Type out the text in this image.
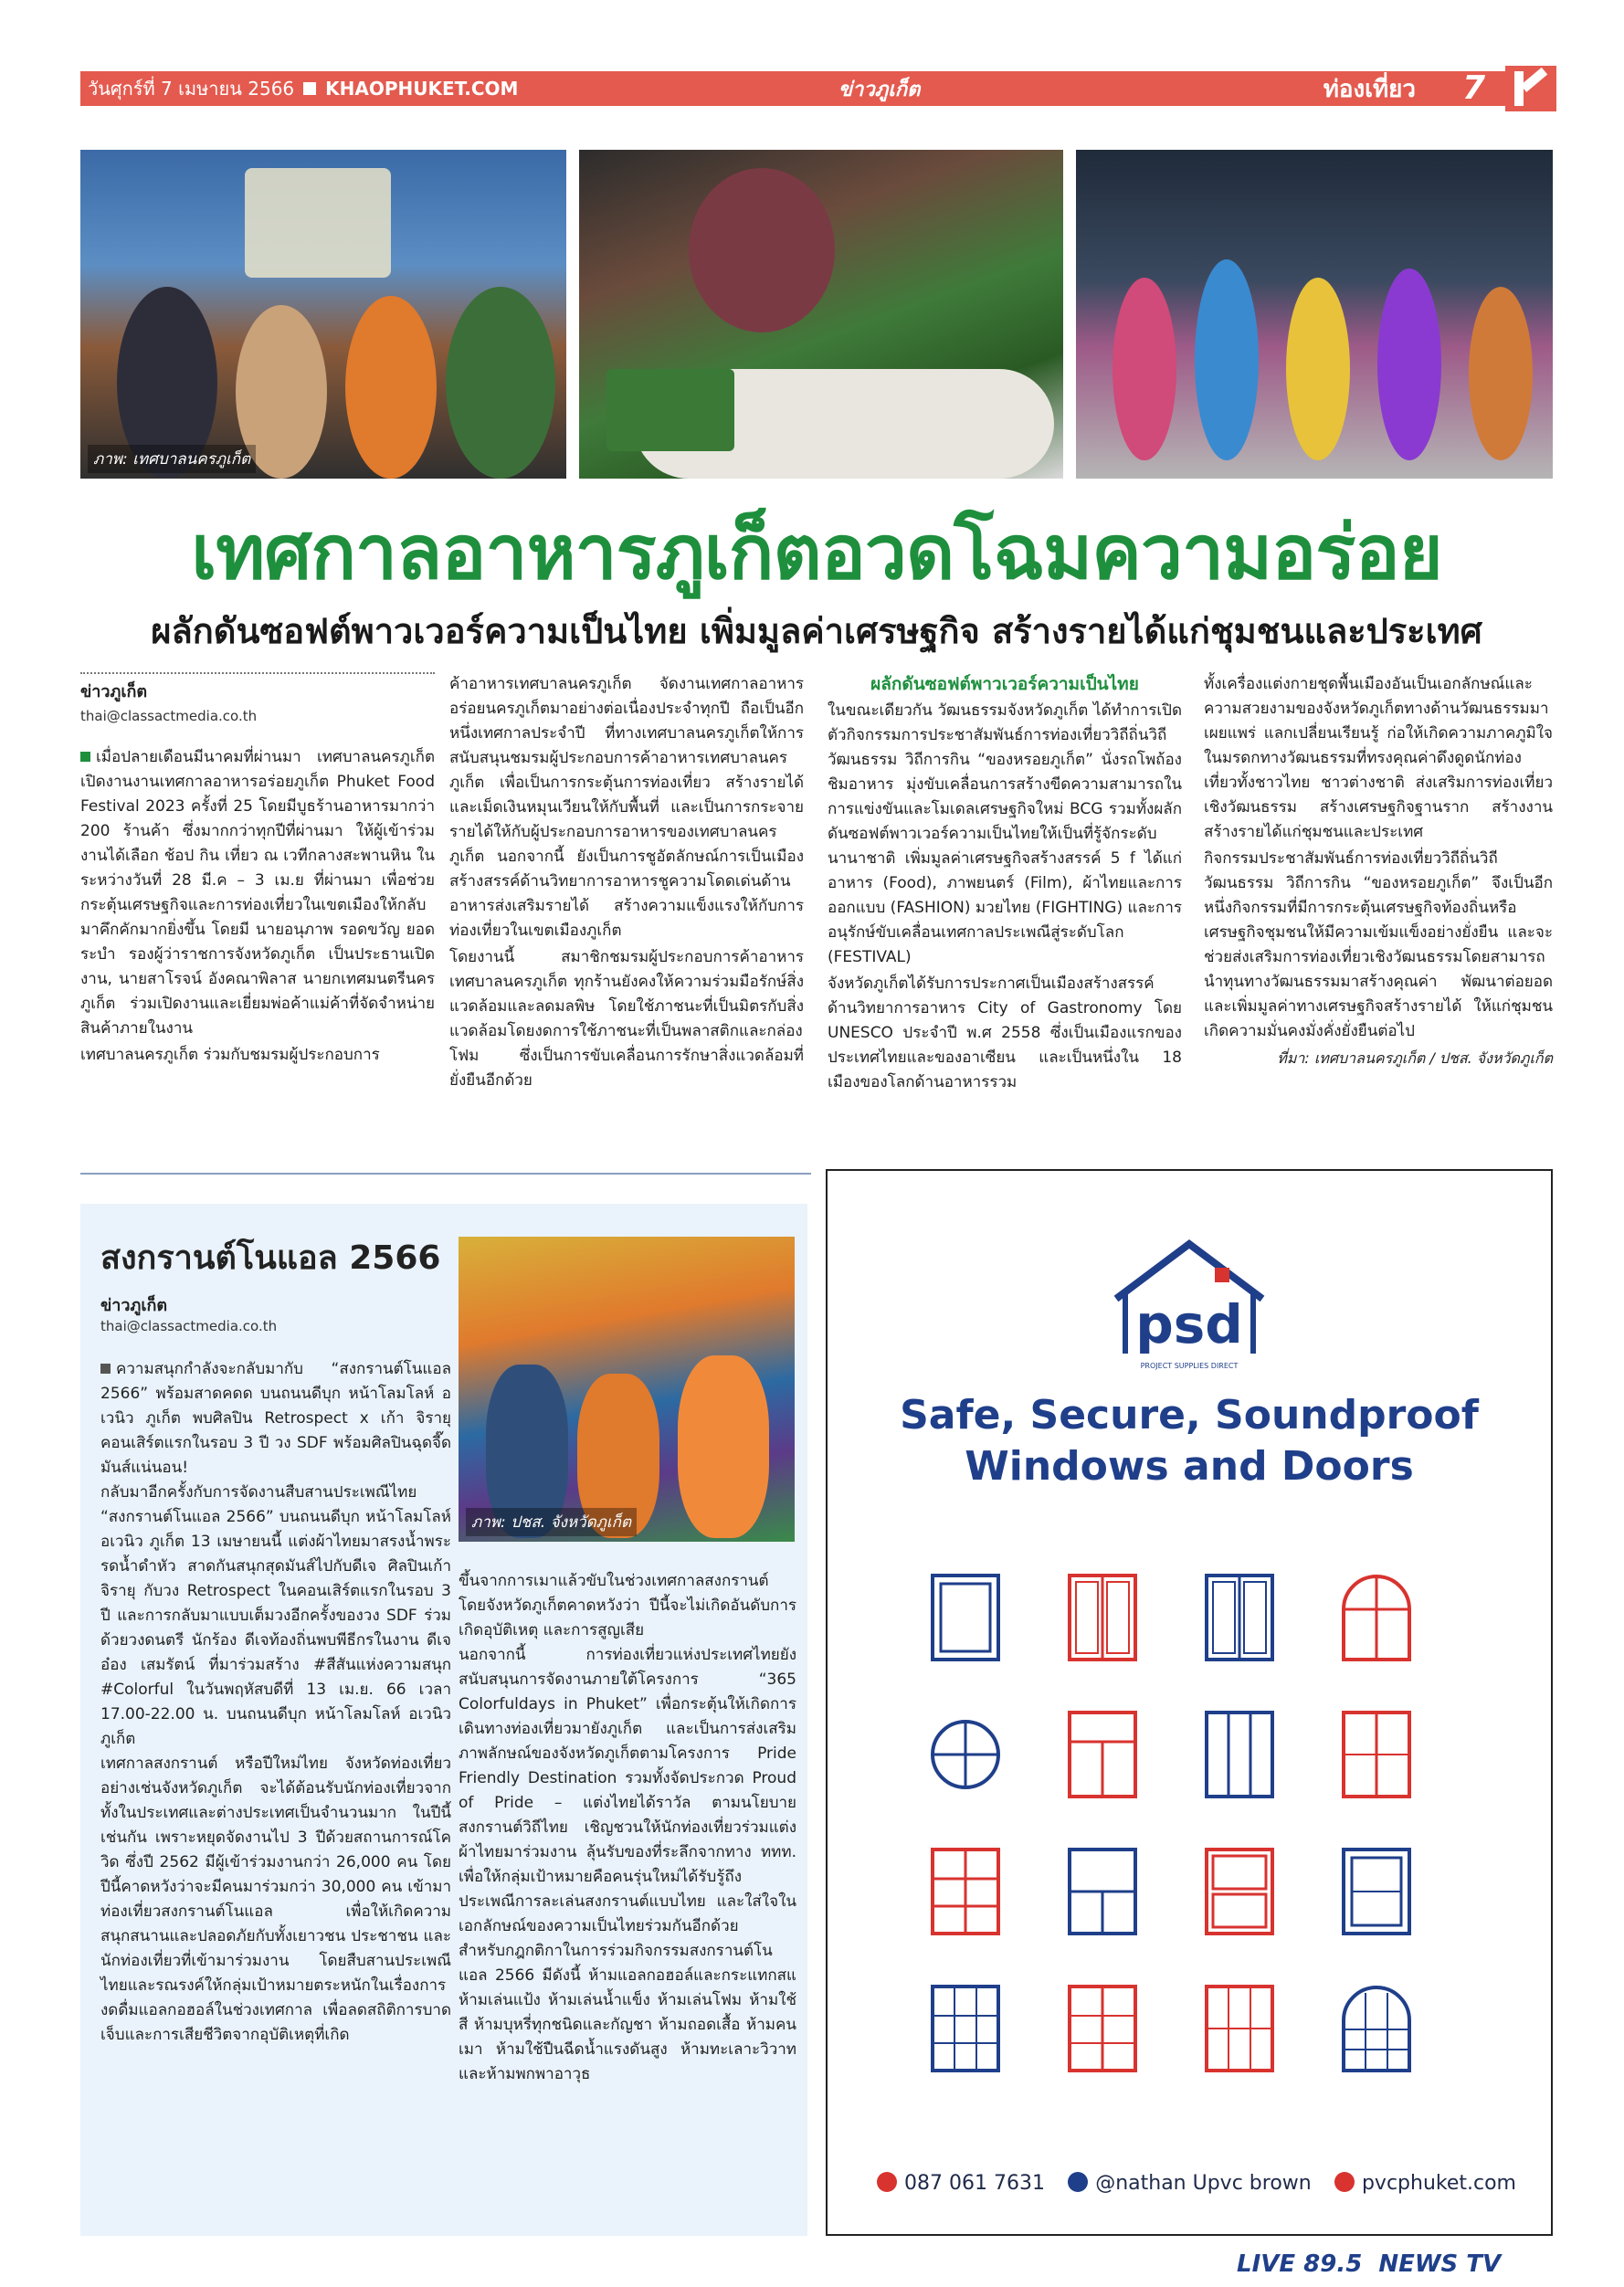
วันศุกร์ที่ 7 เมษายน 2566 KHAOPHUKET.COM	ข่าวภูเก็ต	ท่องเที่ยว 7
ภาพ: เทศบาลนครภูเก็ต
เทศกาลอาหารภูเก็ตอวดโฉมความอร่อย
ผลักดันซอฟต์พาวเวอร์ความเป็นไทย เพิ่มมูลค่าเศรษฐกิจ สร้างรายได้แก่ชุมชนและประเทศ
ข่าวภูเก็ต
thai@classactmedia.co.th

เมื่อปลายเดือนมีนาคมที่ผ่านมา เทศบาลนครภูเก็ต เปิดงานงานเทศกาลอาหารอร่อยภูเก็ต Phuket Food Festival 2023 ครั้งที่ 25 โดยมีบูธร้านอาหารมากว่า 200 ร้านค้า ซึ่งมากกว่าทุกปีที่ผ่านมา ให้ผู้เข้าร่วมงานได้เลือก ช้อป กิน เที่ยว ณ เวทีกลางสะพานหิน ในระหว่างวันที่ 28 มี.ค – 3 เม.ย ที่ผ่านมา เพื่อช่วยกระตุ้นเศรษฐกิจและการท่องเที่ยวในเขตเมืองให้กลับมาคึกคักมากยิ่งขึ้น โดยมี นายอนุภาพ รอดขวัญ ยอดระบำ รองผู้ว่าราชการจังหวัดภูเก็ต เป็นประธานเปิดงาน, นายสาโรจน์ อังคณาพิลาส นายกเทศมนตรีนครภูเก็ต ร่วมเปิดงานและเยี่ยมพ่อค้าแม่ค้าที่จัดจำหน่ายสินค้าภายในงาน

เทศบาลนครภูเก็ต ร่วมกับชมรมผู้ประกอบการ

ค้าอาหารเทศบาลนครภูเก็ต จัดงานเทศกาลอาหารอร่อยนครภูเก็ตมาอย่างต่อเนื่องประจำทุกปี ถือเป็นอีกหนึ่งเทศกาลประจำปี ที่ทางเทศบาลนครภูเก็ตให้การสนับสนุนชมรมผู้ประกอบการค้าอาหารเทศบาลนครภูเก็ต เพื่อเป็นการกระตุ้นการท่องเที่ยว สร้างรายได้และเม็ดเงินหมุนเวียนให้กับพื้นที่ และเป็นการกระจายรายได้ให้กับผู้ประกอบการอาหารของเทศบาลนครภูเก็ต นอกจากนี้ ยังเป็นการชูอัตลักษณ์การเป็นเมืองสร้างสรรค์ด้านวิทยาการอาหารชูความโดดเด่นด้านอาหารส่งเสริมรายได้ สร้างความแข็งแรงให้กับการท่องเที่ยวในเขตเมืองภูเก็ต

โดยงานนี้ สมาชิกชมรมผู้ประกอบการค้าอาหารเทศบาลนครภูเก็ต ทุกร้านยังคงให้ความร่วมมือรักษ์สิ่งแวดล้อมและลดมลพิษ โดยใช้ภาชนะที่เป็นมิตรกับสิ่งแวดล้อมโดยงดการใช้ภาชนะที่เป็นพลาสติกและกล่องโฟม ซึ่งเป็นการขับเคลื่อนการรักษาสิ่งแวดล้อมที่ยั่งยืนอีกด้วย

ผลักดันซอฟต์พาวเวอร์ความเป็นไทย

ในขณะเดียวกัน วัฒนธรรมจังหวัดภูเก็ต ได้ทำการเปิดตัวกิจกรรมการประชาสัมพันธ์การท่องเที่ยววิถีถิ่นวิถีวัฒนธรรม วิถีการกิน “ของหรอยภูเก็ต” นั่งรถโพถ้องชิมอาหาร มุ่งขับเคลื่อนการสร้างขีดความสามารถในการแข่งขันและโมเดลเศรษฐกิจใหม่ BCG รวมทั้งผลักดันซอฟต์พาวเวอร์ความเป็นไทยให้เป็นที่รู้จักระดับนานาชาติ เพิ่มมูลค่าเศรษฐกิจสร้างสรรค์ 5 f ได้แก่อาหาร (Food), ภาพยนตร์ (Film), ผ้าไทยและการออกแบบ (FASHION) มวยไทย (FIGHTING) และการอนุรักษ์ขับเคลื่อนเทศกาลประเพณีสู่ระดับโลก (FESTIVAL)

จังหวัดภูเก็ตได้รับการประกาศเป็นเมืองสร้างสรรค์ด้านวิทยาการอาหาร City of Gastronomy โดย UNESCO ประจำปี พ.ศ 2558 ซึ่งเป็นเมืองแรกของประเทศไทยและของอาเซียน และเป็นหนึ่งใน 18 เมืองของโลกด้านอาหารรวม

ทั้งเครื่องแต่งกายชุดพื้นเมืองอันเป็นเอกลักษณ์และความสวยงามของจังหวัดภูเก็ตทางด้านวัฒนธรรมมาเผยแพร่ แลกเปลี่ยนเรียนรู้ ก่อให้เกิดความภาคภูมิใจในมรดกทางวัฒนธรรมที่ทรงคุณค่าดึงดูดนักท่องเที่ยวทั้งชาวไทย ชาวต่างชาติ ส่งเสริมการท่องเที่ยวเชิงวัฒนธรรม สร้างเศรษฐกิจฐานราก สร้างงาน สร้างรายได้แก่ชุมชนและประเทศ

กิจกรรมประชาสัมพันธ์การท่องเที่ยววิถีถิ่นวิถีวัฒนธรรม วิถีการกิน “ของหรอยภูเก็ต” จึงเป็นอีกหนึ่งกิจกรรมที่มีการกระตุ้นเศรษฐกิจท้องถิ่นหรือเศรษฐกิจชุมชนให้มีความเข้มแข็งอย่างยั่งยืน และจะช่วยส่งเสริมการท่องเที่ยวเชิงวัฒนธรรมโดยสามารถนำทุนทางวัฒนธรรมมาสร้างคุณค่า พัฒนาต่อยอดและเพิ่มมูลค่าทางเศรษฐกิจสร้างรายได้ ให้แก่ชุมชนเกิดความมั่นคงมั่งคั่งยั่งยืนต่อไป

ที่มา: เทศบาลนครภูเก็ต / ปชส. จังหวัดภูเก็ต

สงกรานต์โนแอล 2566
ข่าวภูเก็ต
thai@classactmedia.co.th
ภาพ: ปชส. จังหวัดภูเก็ต

ความสนุกกำลังจะกลับมากับ “สงกรานต์โนแอล 2566” พร้อมสาดคดด บนถนนดีบุก หน้าโลมโลห์ อเวนิว ภูเก็ต พบศิลปิน Retrospect x เก้า จิรายุ คอนเสิร์ตแรกในรอบ 3 ปี วง SDF พร้อมศิลปินฉุดจี๊ด มันส์แน่นอน!

กลับมาอีกครั้งกับการจัดงานสืบสานประเพณีไทย “สงกรานต์โนแอล 2566” บนถนนดีบุก หน้าโลมโลห์ อเวนิว ภูเก็ต 13 เมษายนนี้ แต่งผ้าไทยมาสรงน้ำพระ รดน้ำดำหัว สาดกันสนุกสุดมันส์ไปกับดีเจ ศิลปินเก้า จิรายุ กับวง Retrospect ในคอนเสิร์ตแรกในรอบ 3 ปี และการกลับมาแบบเต็มวงอีกครั้งของวง SDF ร่วมด้วยวงดนตรี นักร้อง ดีเจท้องถิ่นพบพีธีกรในงาน ดีเจอ๋อง เสมรัตน์ ที่มาร่วมสร้าง #สีสันแห่งความสนุก #Colorful ในวันพฤหัสบดีที่ 13 เม.ย. 66 เวลา 17.00-22.00 น. บนถนนดีบุก หน้าโลมโลห์ อเวนิว ภูเก็ต

เทศกาลสงกรานต์ หรือปีใหม่ไทย จังหวัดท่องเที่ยวอย่างเช่นจังหวัดภูเก็ต จะได้ต้อนรับนักท่องเที่ยวจากทั้งในประเทศและต่างประเทศเป็นจำนวนมาก ในปีนี้เช่นกัน เพราะหยุดจัดงานไป 3 ปีด้วยสถานการณ์โควิด ซึ่งปี 2562 มีผู้เข้าร่วมงานกว่า 26,000 คน โดยปีนี้คาดหวังว่าจะมีคนมาร่วมกว่า 30,000 คน เข้ามาท่องเที่ยวสงกรานต์โนแอล เพื่อให้เกิดความสนุกสนานและปลอดภัยกับทั้งเยาวชน ประชาชน และนักท่องเที่ยวที่เข้ามาร่วมงาน โดยสืบสานประเพณีไทยและรณรงค์ให้กลุ่มเป้าหมายตระหนักในเรื่องการงดดื่มแอลกอฮอล์ในช่วงเทศกาล เพื่อลดสถิติการบาดเจ็บและการเสียชีวิตจากอุบัติเหตุที่เกิด

ขึ้นจากการเมาแล้วขับในช่วงเทศกาลสงกรานต์ โดยจังหวัดภูเก็ตคาดหวังว่า ปีนี้จะไม่เกิดอันดับการเกิดอุบัติเหตุ และการสูญเสีย

นอกจากนี้ การท่องเที่ยวแห่งประเทศไทยยังสนับสนุนการจัดงานภายใต้โครงการ “365 Colorfuldays in Phuket” เพื่อกระตุ้นให้เกิดการเดินทางท่องเที่ยวมายังภูเก็ต และเป็นการส่งเสริมภาพลักษณ์ของจังหวัดภูเก็ตตามโครงการ Pride Friendly Destination รวมทั้งจัดประกวด Proud of Pride – แต่งไทยได้ราวัล ตามนโยบายสงกรานต์วิถีไทย เชิญชวนให้นักท่องเที่ยวร่วมแต่งผ้าไทยมาร่วมงาน ลุ้นรับของที่ระลึกจากทาง ททท. เพื่อให้กลุ่มเป้าหมายคือคนรุ่นใหม่ได้รับรู้ถึงประเพณีการละเล่นสงกรานต์แบบไทย และใส่ใจในเอกลักษณ์ของความเป็นไทยร่วมกันอีกด้วย

สำหรับกฎกติกาในการร่วมกิจกรรมสงกรานต์โนแอล 2566 มีดังนี้ ห้ามแอลกอฮอล์และกระแทกสแ ห้ามเล่นแป้ง ห้ามเล่นน้ำแข็ง ห้ามเล่นโฟม ห้ามใช้สี ห้ามบุหรี่ทุกชนิดและกัญชา ห้ามถอดเสื้อ ห้ามคนเมา ห้ามใช้ปืนฉีดน้ำแรงดันสูง ห้ามทะเลาะวิวาท และห้ามพกพาอาวุธ

psd
PROJECT SUPPLIES DIRECT
Safe, Secure, Soundproof
Windows and Doors
087 061 7631	@nathan Upvc brown	pvcphuket.com
LIVE 89.5 NEWS TV
